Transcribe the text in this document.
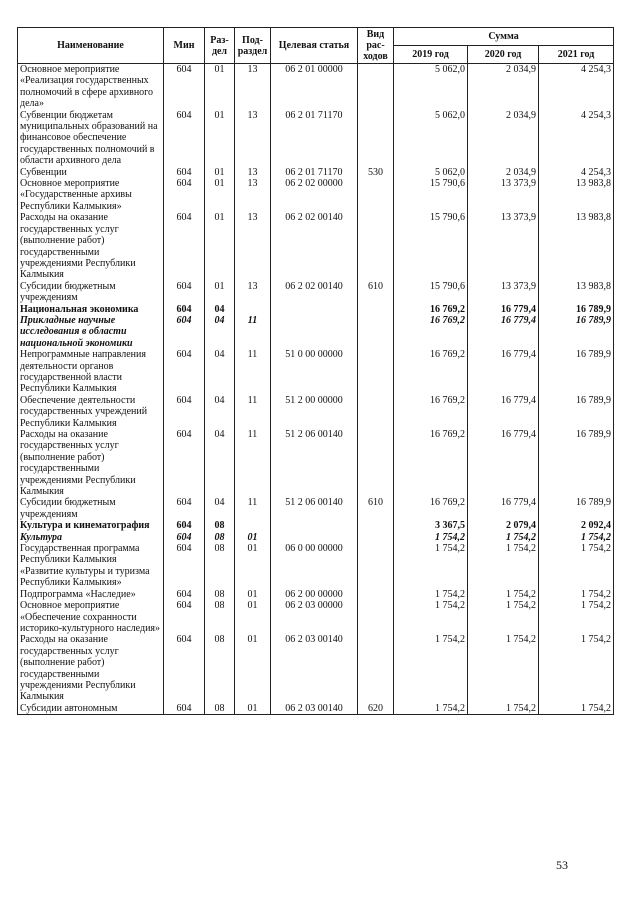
Наименование	Мин	Раз-дел	Под-раздел	Целевая статья	Вид рас-ходов	Сумма		
						2019 год	2020 год	2021 год
Основное мероприятие «Реализация государственных полномочий в сфере архивного дела»	604	01	13	06 2 01 00000		5 062,0	2 034,9	4 254,3
Субвенции бюджетам муниципальных образований на финансовое обеспечение государственных полномочий в области архивного дела	604	01	13	06 2 01 71170		5 062,0	2 034,9	4 254,3
Субвенции	604	01	13	06 2 01 71170	530	5 062,0	2 034,9	4 254,3
Основное мероприятие «Государственные архивы Республики Калмыкия»	604	01	13	06 2 02 00000		15 790,6	13 373,9	13 983,8
Расходы на оказание государственных услуг (выполнение работ) государственными учреждениями Республики Калмыкия	604	01	13	06 2 02 00140		15 790,6	13 373,9	13 983,8
Субсидии бюджетным учреждениям	604	01	13	06 2 02 00140	610	15 790,6	13 373,9	13 983,8
Национальная экономика	604	04				16 769,2	16 779,4	16 789,9
Прикладные научные исследования в области национальной экономики	604	04	11			16 769,2	16 779,4	16 789,9
Непрограммные направления деятельности органов государственной власти Республики Калмыкия	604	04	11	51 0 00 00000		16 769,2	16 779,4	16 789,9
Обеспечение деятельности государственных учреждений Республики Калмыкия	604	04	11	51 2 00 00000		16 769,2	16 779,4	16 789,9
Расходы на оказание государственных услуг (выполнение работ) государственными учреждениями Республики Калмыкия	604	04	11	51 2 06 00140		16 769,2	16 779,4	16 789,9
Субсидии бюджетным учреждениям	604	04	11	51 2 06 00140	610	16 769,2	16 779,4	16 789,9
Культура и кинематография	604	08				3 367,5	2 079,4	2 092,4
Культура	604	08	01			1 754,2	1 754,2	1 754,2
Государственная программа Республики Калмыкия «Развитие культуры и туризма Республики Калмыкия»	604	08	01	06 0 00 00000		1 754,2	1 754,2	1 754,2
Подпрограмма «Наследие»	604	08	01	06 2 00 00000		1 754,2	1 754,2	1 754,2
Основное мероприятие «Обеспечение сохранности историко-культурного наследия»	604	08	01	06 2 03 00000		1 754,2	1 754,2	1 754,2
Расходы на оказание государственных услуг (выполнение работ) государственными учреждениями Республики Калмыкия	604	08	01	06 2 03 00140		1 754,2	1 754,2	1 754,2
Субсидии автономным	604	08	01	06 2 03 00140	620	1 754,2	1 754,2	1 754,2
53
